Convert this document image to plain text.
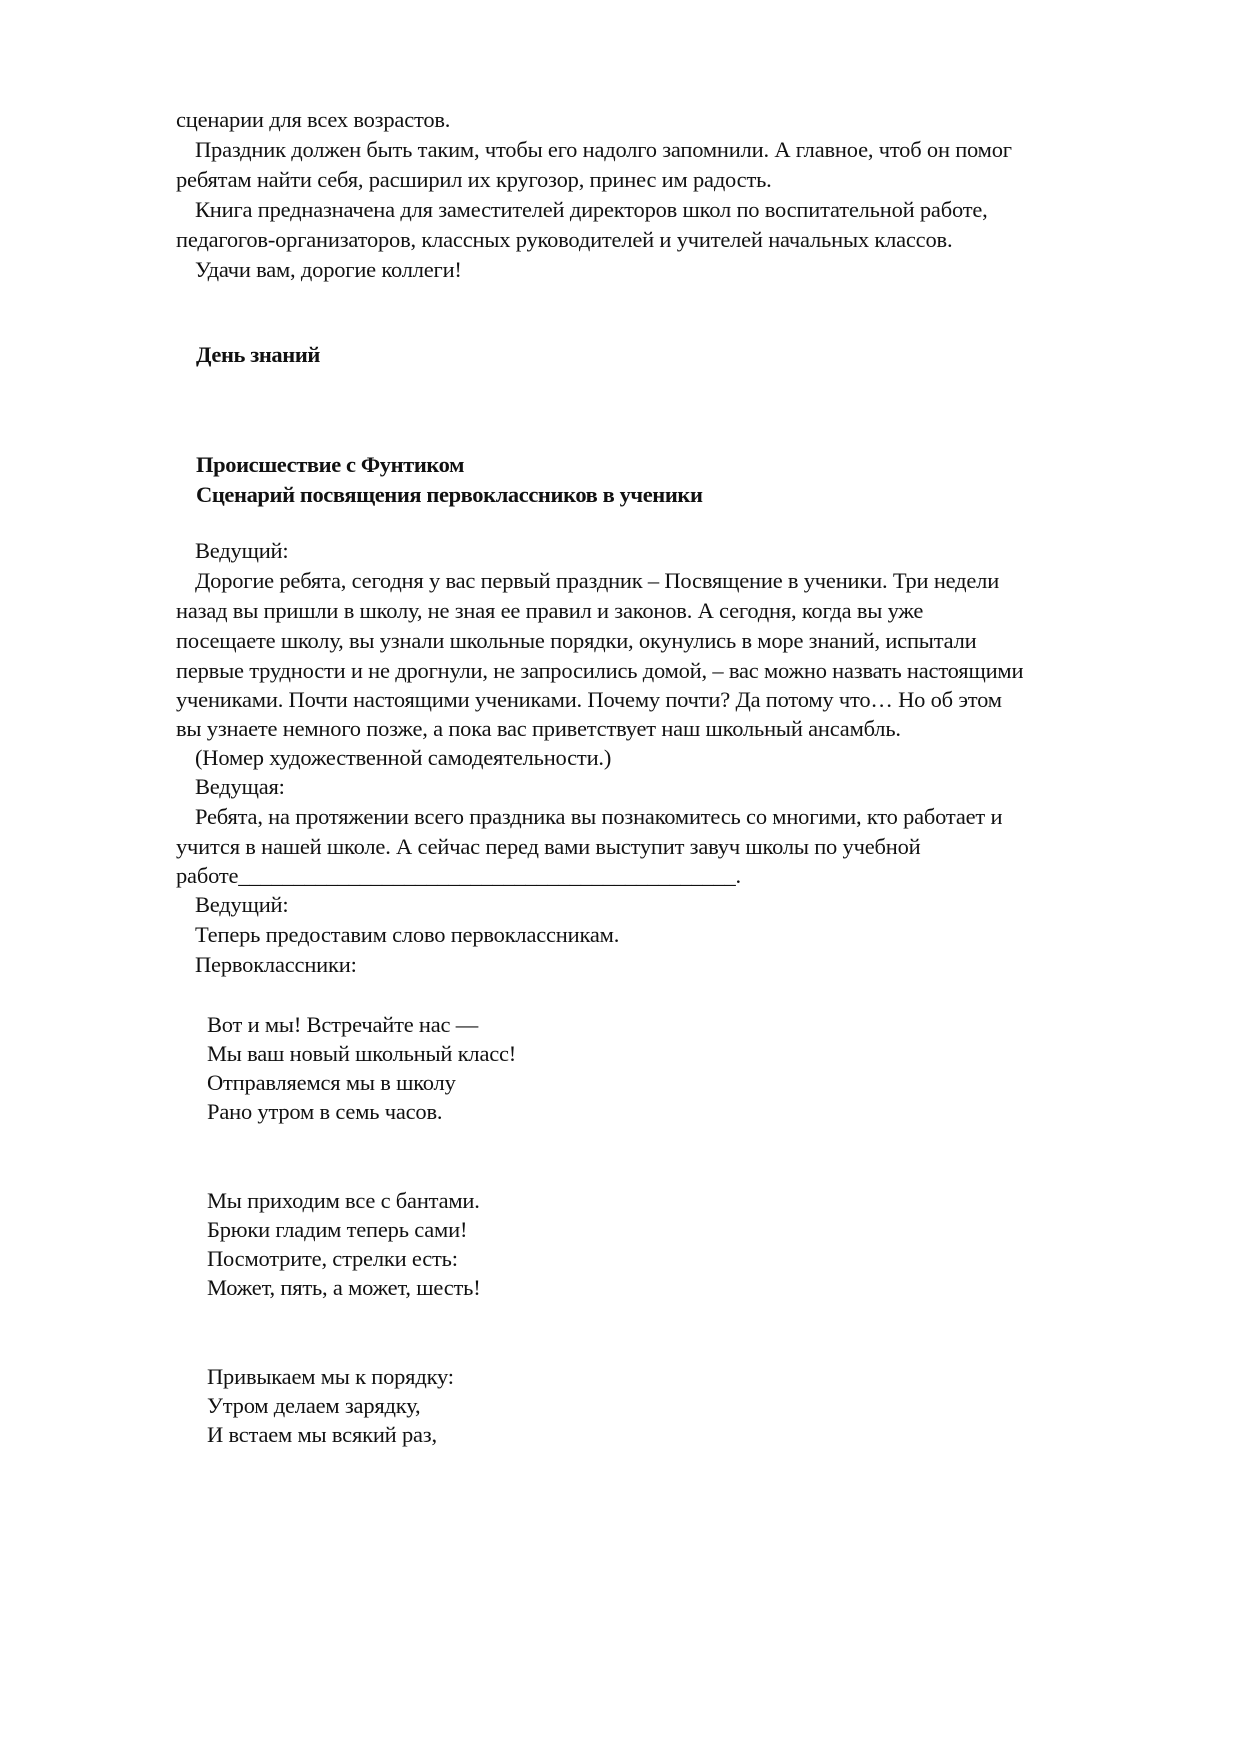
сценарии для всех возрастов.
Праздник должен быть таким, чтобы его надолго запомнили. А главное, чтоб он помог
ребятам найти себя, расширил их кругозор, принес им радость.
Книга предназначена для заместителей директоров школ по воспитательной работе,
педагогов-организаторов, классных руководителей и учителей начальных классов.
Удачи вам, дорогие коллеги!
День знаний
Происшествие с Фунтиком
Сценарий посвящения первоклассников в ученики
Ведущий:
Дорогие ребята, сегодня у вас первый праздник – Посвящение в ученики. Три недели
назад вы пришли в школу, не зная ее правил и законов. А сегодня, когда вы уже
посещаете школу, вы узнали школьные порядки, окунулись в море знаний, испытали
первые трудности и не дрогнули, не запросились домой, – вас можно назвать настоящими
учениками. Почти настоящими учениками. Почему почти? Да потому что… Но об этом
вы узнаете немного позже, а пока вас приветствует наш школьный ансамбль.
(Номер художественной самодеятельности.)
Ведущая:
Ребята, на протяжении всего праздника вы познакомитесь со многими, кто работает и
учится в нашей школе. А сейчас перед вами выступит завуч школы по учебной
работе_____________________________________________.
Ведущий:
Теперь предоставим слово первоклассникам.
Первоклассники:
Вот и мы! Встречайте нас —
Мы ваш новый школьный класс!
Отправляемся мы в школу
Рано утром в семь часов.
Мы приходим все с бантами.
Брюки гладим теперь сами!
Посмотрите, стрелки есть:
Может, пять, а может, шесть!
Привыкаем мы к порядку:
Утром делаем зарядку,
И встаем мы всякий раз,
